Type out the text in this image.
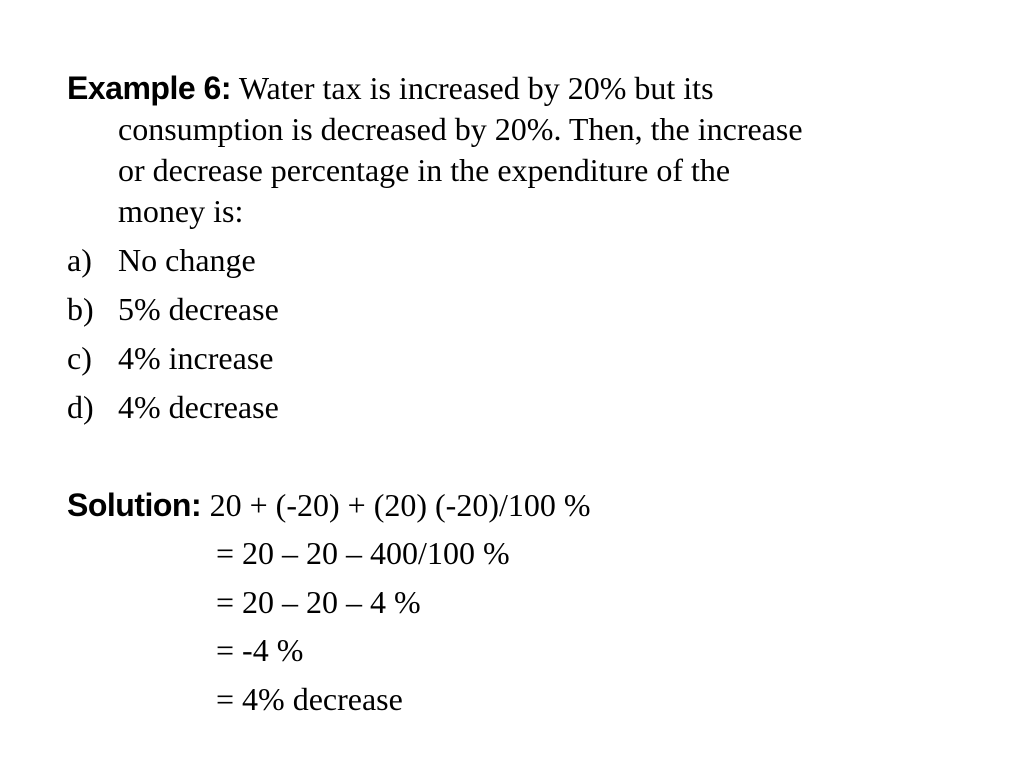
Example 6: Water tax is increased by 20% but its
consumption is decreased by 20%. Then, the increase
or decrease percentage in the expenditure of the
money is:
a) No change
b) 5% decrease
c) 4% increase
d) 4% decrease
Solution: 20 + (-20) + (20) (-20)/100 %
= 20 – 20 – 400/100 %
= 20 – 20 – 4 %
= -4 %
= 4% decrease
